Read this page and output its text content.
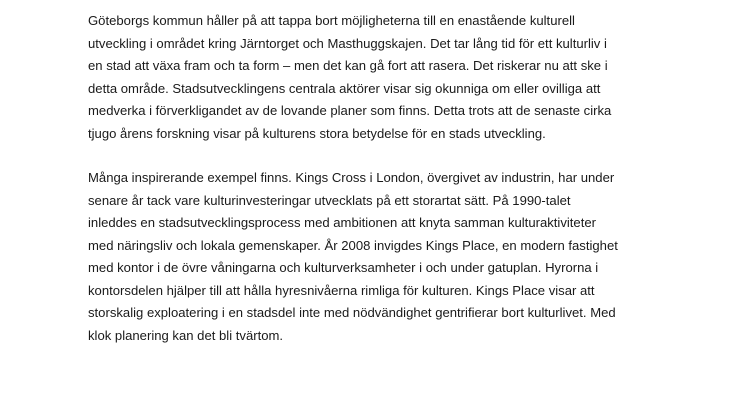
Göteborgs kommun håller på att tappa bort möjligheterna till en enastående kulturell
utveckling i området kring Järntorget och Masthuggskajen. Det tar lång tid för ett kulturliv i
en stad att växa fram och ta form – men det kan gå fort att rasera. Det riskerar nu att ske i
detta område. Stadsutvecklingens centrala aktörer visar sig okunniga om eller ovilliga att
medverka i förverkligandet av de lovande planer som finns. Detta trots att de senaste cirka
tjugo årens forskning visar på kulturens stora betydelse för en stads utveckling.

Många inspirerande exempel finns. Kings Cross i London, övergivet av industrin, har under
senare år tack vare kulturinvesteringar utvecklats på ett storartat sätt. På 1990-talet
inleddes en stadsutvecklingsprocess med ambitionen att knyta samman kulturaktiviteter
med näringsliv och lokala gemenskaper. År 2008 invigdes Kings Place, en modern fastighet
med kontor i de övre våningarna och kulturverksamheter i och under gatuplan. Hyrorna i
kontorsdelen hjälper till att hålla hyresnivåerna rimliga för kulturen. Kings Place visar att
storskalig exploatering i en stadsdel inte med nödvändighet gentrifierar bort kulturlivet. Med
klok planering kan det bli tvärtom.
